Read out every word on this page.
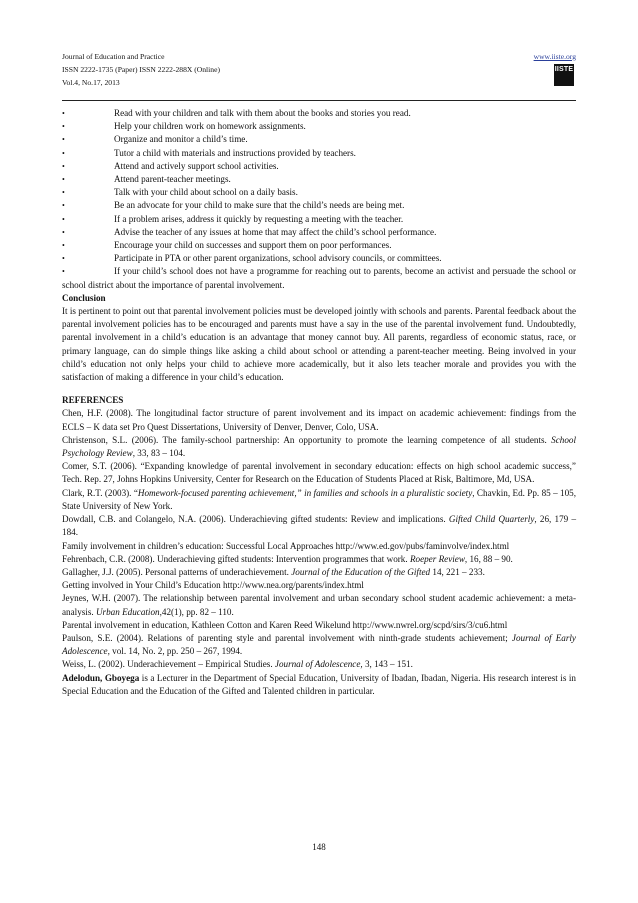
Journal of Education and Practice
ISSN 2222-1735 (Paper) ISSN 2222-288X (Online)
Vol.4, No.17, 2013
www.iiste.org
IISTE
•	Read with your children and talk with them about the books and stories you read.
•	Help your children work on homework assignments.
•	Organize and monitor a child’s time.
•	Tutor a child with materials and instructions provided by teachers.
•	Attend and actively support school activities.
•	Attend parent-teacher meetings.
•	Talk with your child about school on a daily basis.
•	Be an advocate for your child to make sure that the child’s needs are being met.
•	If a problem arises, address it quickly by requesting a meeting with the teacher.
•	Advise the teacher of any issues at home that may affect the child’s school performance.
•	Encourage your child on successes and support them on poor performances.
•	Participate in PTA or other parent organizations, school advisory councils, or committees.
•	If your child’s school does not have a programme for reaching out to parents, become an activist and persuade the school or school district about the importance of parental involvement.
Conclusion
It is pertinent to point out that parental involvement policies must be developed jointly with schools and parents. Parental feedback about the parental involvement policies has to be encouraged and parents must have a say in the use of the parental involvement fund. Undoubtedly, parental involvement in a child’s education is an advantage that money cannot buy. All parents, regardless of economic status, race, or primary language, can do simple things like asking a child about school or attending a parent-teacher meeting. Being involved in your child’s education not only helps your child to achieve more academically, but it also lets teacher morale and provides you with the satisfaction of making a difference in your child’s education.
REFERENCES
Chen, H.F. (2008). The longitudinal factor structure of parent involvement and its impact on academic achievement: findings from the ECLS – K data set Pro Quest Dissertations, University of Denver, Denver, Colo, USA.
Christenson, S.L. (2006). The family-school partnership: An opportunity to promote the learning competence of all students. School Psychology Review, 33, 83 – 104.
Comer, S.T. (2006). “Expanding knowledge of parental involvement in secondary education: effects on high school academic success,” Tech. Rep. 27, Johns Hopkins University, Center for Research on the Education of Students Placed at Risk, Baltimore, Md, USA.
Clark, R.T. (2003). “Homework-focused parenting achievement,” in families and schools in a pluralistic society, Chavkin, Ed. Pp. 85 – 105, State University of New York.
Dowdall, C.B. and Colangelo, N.A. (2006). Underachieving gifted students: Review and implications. Gifted Child Quarterly, 26, 179 – 184.
Family involvement in children’s education: Successful Local Approaches http://www.ed.gov/pubs/faminvolve/index.html
Fehrenbach, C.R. (2008). Underachieving gifted students: Intervention programmes that work. Roeper Review, 16, 88 – 90.
Gallagher, J.J. (2005). Personal patterns of underachievement. Journal of the Education of the Gifted 14, 221 – 233.
Getting involved in Your Child’s Education http://www.nea.org/parents/index.html
Jeynes, W.H. (2007). The relationship between parental involvement and urban secondary school student academic achievement: a meta-analysis. Urban Education,42(1), pp. 82 – 110.
Parental involvement in education, Kathleen Cotton and Karen Reed Wikelund http://www.nwrel.org/scpd/sirs/3/cu6.html
Paulson, S.E. (2004). Relations of parenting style and parental involvement with ninth-grade students achievement; Journal of Early Adolescence, vol. 14, No. 2, pp. 250 – 267, 1994.
Weiss, L. (2002). Underachievement – Empirical Studies. Journal of Adolescence, 3, 143 – 151.
Adelodun, Gboyega is a Lecturer in the Department of Special Education, University of Ibadan, Ibadan, Nigeria. His research interest is in Special Education and the Education of the Gifted and Talented children in particular.
148
